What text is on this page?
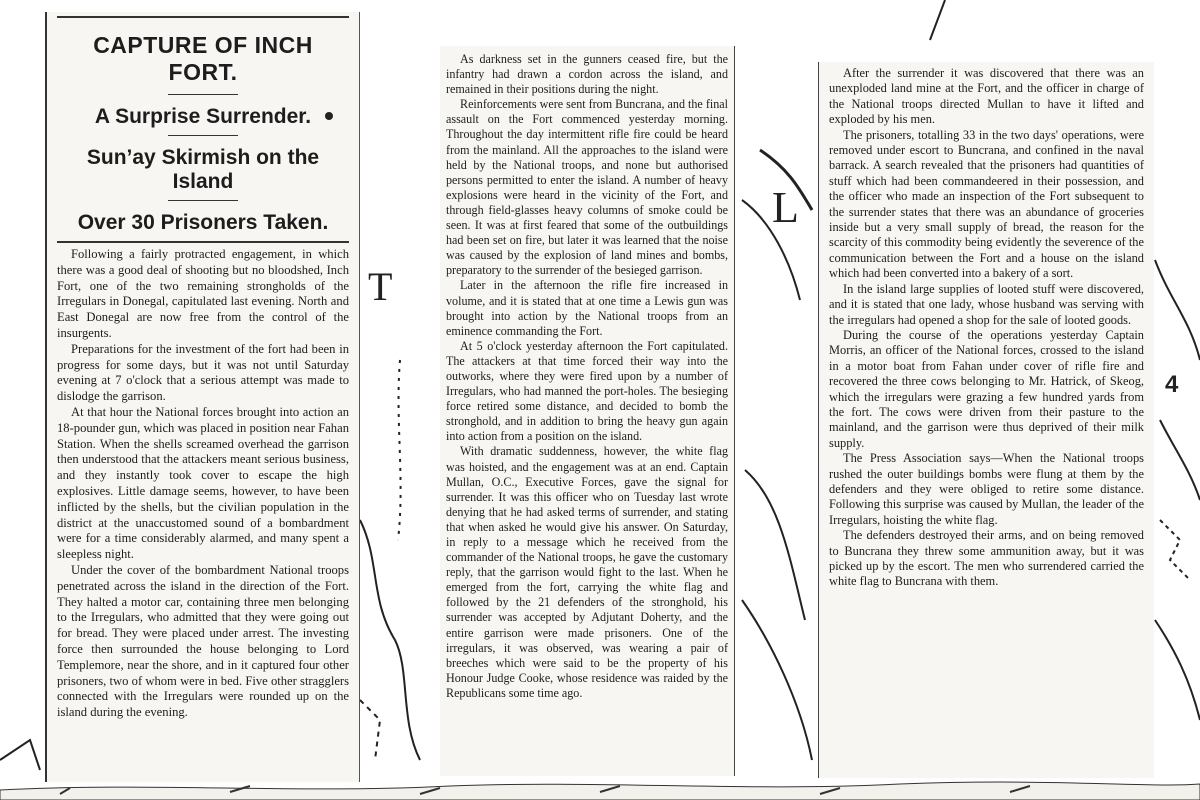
T
L
4
CAPTURE OF INCH FORT.
A Surprise Surrender.
Sun’ay Skirmish on the Island
Over 30 Prisoners Taken.

Following a fairly protracted engagement, in which there was a good deal of shooting but no bloodshed, Inch Fort, one of the two remaining strongholds of the Irregulars in Donegal, capitulated last evening. North and East Donegal are now free from the control of the insurgents.

Preparations for the investment of the fort had been in progress for some days, but it was not until Saturday evening at 7 o'clock that a serious attempt was made to dislodge the garrison.

At that hour the National forces brought into action an 18-pounder gun, which was placed in position near Fahan Station. When the shells screamed overhead the garrison then understood that the attackers meant serious business, and they instantly took cover to escape the high explosives. Little damage seems, however, to have been inflicted by the shells, but the civilian population in the district at the unaccustomed sound of a bombardment were for a time considerably alarmed, and many spent a sleepless night.

Under the cover of the bombardment National troops penetrated across the island in the direction of the Fort. They halted a motor car, containing three men belonging to the Irregulars, who admitted that they were going out for bread. They were placed under arrest. The investing force then surrounded the house belonging to Lord Templemore, near the shore, and in it captured four other prisoners, two of whom were in bed. Five other stragglers connected with the Irregulars were rounded up on the island during the evening.

As darkness set in the gunners ceased fire, but the infantry had drawn a cordon across the island, and remained in their positions during the night.

Reinforcements were sent from Buncrana, and the final assault on the Fort commenced yesterday morning. Throughout the day intermittent rifle fire could be heard from the mainland. All the approaches to the island were held by the National troops, and none but authorised persons permitted to enter the island. A number of heavy explosions were heard in the vicinity of the Fort, and through field-glasses heavy columns of smoke could be seen. It was at first feared that some of the outbuildings had been set on fire, but later it was learned that the noise was caused by the explosion of land mines and bombs, preparatory to the surrender of the besieged garrison.

Later in the afternoon the rifle fire increased in volume, and it is stated that at one time a Lewis gun was brought into action by the National troops from an eminence commanding the Fort.

At 5 o'clock yesterday afternoon the Fort capitulated. The attackers at that time forced their way into the outworks, where they were fired upon by a number of Irregulars, who had manned the port-holes. The besieging force retired some distance, and decided to bomb the stronghold, and in addition to bring the heavy gun again into action from a position on the island.

With dramatic suddenness, however, the white flag was hoisted, and the engagement was at an end. Captain Mullan, O.C., Executive Forces, gave the signal for surrender. It was this officer who on Tuesday last wrote denying that he had asked terms of surrender, and stating that when asked he would give his answer. On Saturday, in reply to a message which he received from the commander of the National troops, he gave the customary reply, that the garrison would fight to the last. When he emerged from the fort, carrying the white flag and followed by the 21 defenders of the stronghold, his surrender was accepted by Adjutant Doherty, and the entire garrison were made prisoners. One of the irregulars, it was observed, was wearing a pair of breeches which were said to be the property of his Honour Judge Cooke, whose residence was raided by the Republicans some time ago.

After the surrender it was discovered that there was an unexploded land mine at the Fort, and the officer in charge of the National troops directed Mullan to have it lifted and exploded by his men.

The prisoners, totalling 33 in the two days' operations, were removed under escort to Buncrana, and confined in the naval barrack. A search revealed that the prisoners had quantities of stuff which had been commandeered in their possession, and the officer who made an inspection of the Fort subsequent to the surrender states that there was an abundance of groceries inside but a very small supply of bread, the reason for the scarcity of this commodity being evidently the severence of the communication between the Fort and a house on the island which had been converted into a bakery of a sort.

In the island large supplies of looted stuff were discovered, and it is stated that one lady, whose husband was serving with the irregulars had opened a shop for the sale of looted goods.

During the course of the operations yesterday Captain Morris, an officer of the National forces, crossed to the island in a motor boat from Fahan under cover of rifle fire and recovered the three cows belonging to Mr. Hatrick, of Skeog, which the irregulars were grazing a few hundred yards from the fort. The cows were driven from their pasture to the mainland, and the garrison were thus deprived of their milk supply.

The Press Association says—When the National troops rushed the outer buildings bombs were flung at them by the defenders and they were obliged to retire some distance. Following this surprise was caused by Mullan, the leader of the Irregulars, hoisting the white flag.

The defenders destroyed their arms, and on being removed to Buncrana they threw some ammunition away, but it was picked up by the escort. The men who surrendered carried the white flag to Buncrana with them.
